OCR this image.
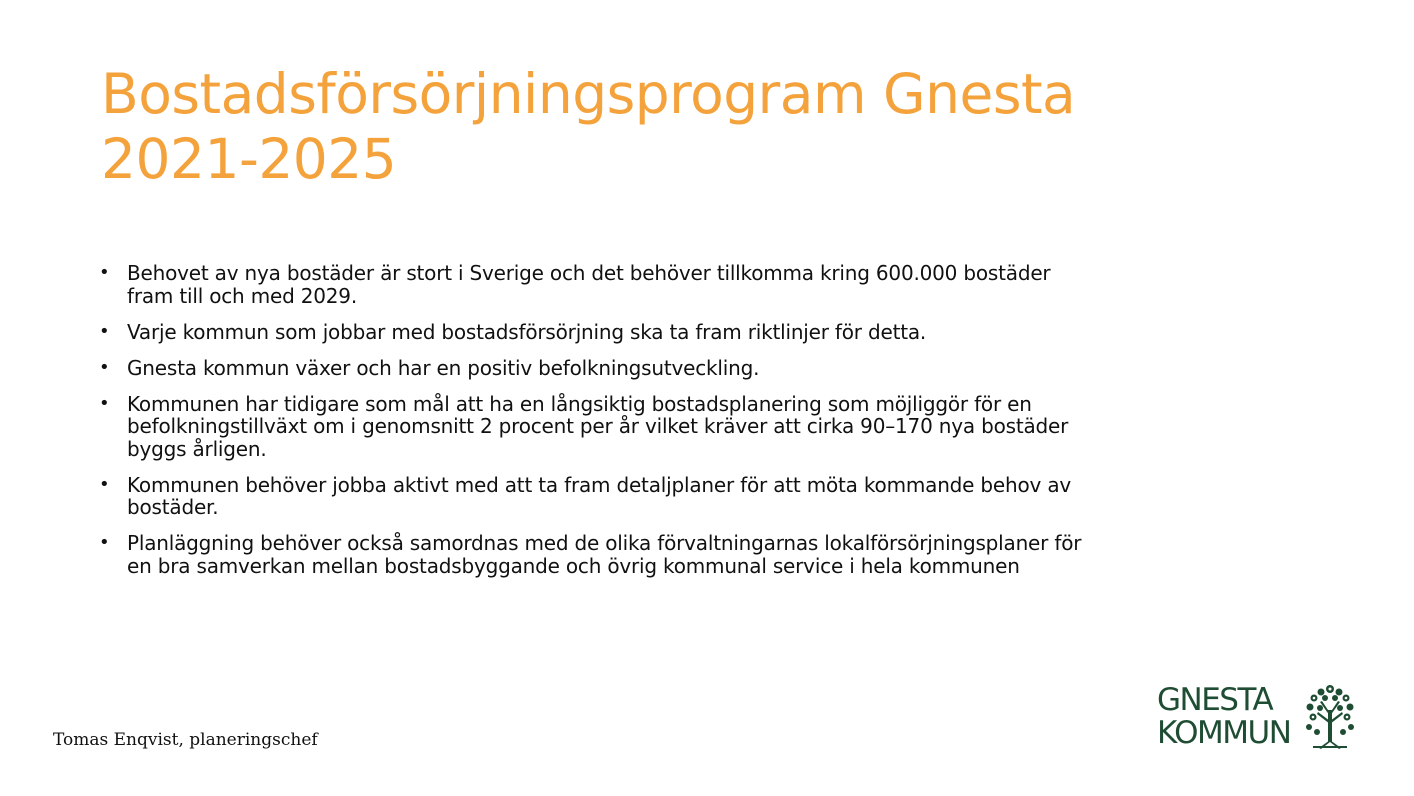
Bostadsförsörjningsprogram Gnesta
2021-2025
• Behovet av nya bostäder är stort i Sverige och det behöver tillkomma kring 600.000 bostäder fram till och med 2029.
• Varje kommun som jobbar med bostadsförsörjning ska ta fram riktlinjer för detta.
• Gnesta kommun växer och har en positiv befolkningsutveckling.
• Kommunen har tidigare som mål att ha en långsiktig bostadsplanering som möjliggör för en befolkningstillväxt om i genomsnitt 2 procent per år vilket kräver att cirka 90–170 nya bostäder byggs årligen.
• Kommunen behöver jobba aktivt med att ta fram detaljplaner för att möta kommande behov av bostäder.
• Planläggning behöver också samordnas med de olika förvaltningarnas lokalförsörjningsplaner för en bra samverkan mellan bostadsbyggande och övrig kommunal service i hela kommunen
Tomas Enqvist, planeringschef
GNESTA
KOMMUN
